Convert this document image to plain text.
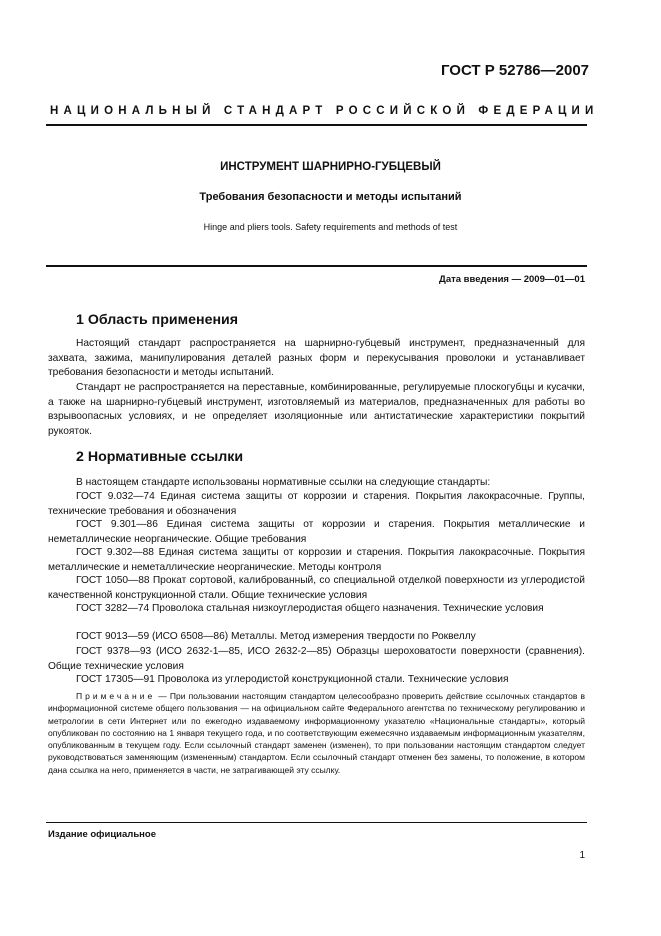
ГОСТ Р 52786—2007
НАЦИОНАЛЬНЫЙ СТАНДАРТ РОССИЙСКОЙ ФЕДЕРАЦИИ
ИНСТРУМЕНТ ШАРНИРНО-ГУБЦЕВЫЙ
Требования безопасности и методы испытаний
Hinge and pliers tools. Safety requirements and methods of test
Дата введения — 2009—01—01
1 Область применения

Настоящий стандарт распространяется на шарнирно-губцевый инструмент, предназначенный для захвата, зажима, манипулирования деталей разных форм и перекусывания проволоки и устанавливает требования безопасности и методы испытаний.

Стандарт не распространяется на переставные, комбинированные, регулируемые плоскогубцы и кусачки, а также на шарнирно-губцевый инструмент, изготовляемый из материалов, предназначенных для работы во взрывоопасных условиях, и не определяет изоляционные или антистатические характеристики покрытий рукояток.

2 Нормативные ссылки

В настоящем стандарте использованы нормативные ссылки на следующие стандарты:

ГОСТ 9.032—74 Единая система защиты от коррозии и старения. Покрытия лакокрасочные. Группы, технические требования и обозначения

ГОСТ 9.301—86 Единая система защиты от коррозии и старения. Покрытия металлические и неметаллические неорганические. Общие требования

ГОСТ 9.302—88 Единая система защиты от коррозии и старения. Покрытия лакокрасочные. Покрытия металлические и неметаллические неорганические. Методы контроля

ГОСТ 1050—88 Прокат сортовой, калиброванный, со специальной отделкой поверхности из углеродистой качественной конструкционной стали. Общие технические условия

ГОСТ 3282—74 Проволока стальная низкоуглеродистая общего назначения. Технические условия

ГОСТ 9013—59 (ИСО 6508—86) Металлы. Метод измерения твердости по Роквеллу

ГОСТ 9378—93 (ИСО 2632-1—85, ИСО 2632-2—85) Образцы шероховатости поверхности (сравнения). Общие технические условия

ГОСТ 17305—91 Проволока из углеродистой конструкционной стали. Технические условия

Примечание — При пользовании настоящим стандартом целесообразно проверить действие ссылочных стандартов в информационной системе общего пользования — на официальном сайте Федерального агентства по техническому регулированию и метрологии в сети Интернет или по ежегодно издаваемому информационному указателю «Национальные стандарты», который опубликован по состоянию на 1 января текущего года, и по соответствующим ежемесячно издаваемым информационным указателям, опубликованным в текущем году. Если ссылочный стандарт заменен (изменен), то при пользовании настоящим стандартом следует руководствоваться заменяющим (измененным) стандартом. Если ссылочный стандарт отменен без замены, то положение, в котором дана ссылка на него, применяется в части, не затрагивающей эту ссылку.

Издание официальное
1
